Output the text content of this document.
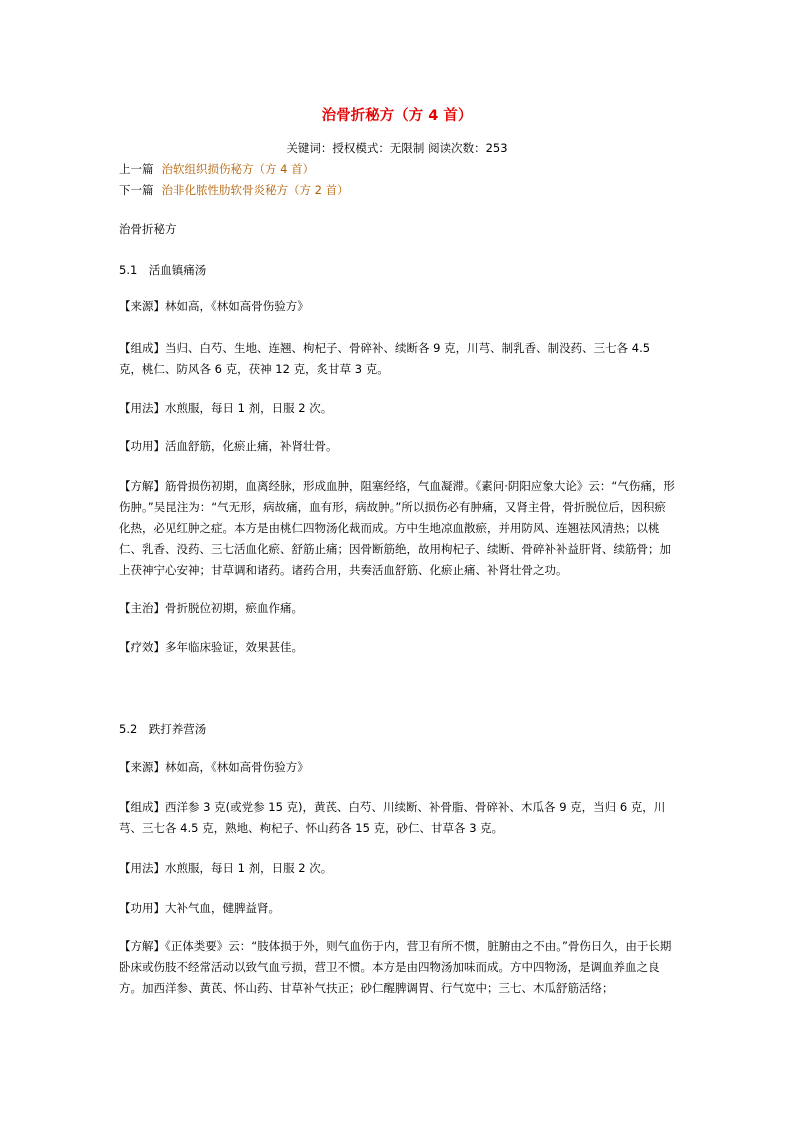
治骨折秘方（方 4 首）
关键词：授权模式：无限制 阅读次数：253
上一篇 治软组织损伤秘方（方 4 首）
下一篇 治非化脓性肋软骨炎秘方（方 2 首）

治骨折秘方

5.1　活血镇痛汤

【来源】林如高，《林如高骨伤验方》

【组成】当归、白芍、生地、连翘、枸杞子、骨碎补、续断各 9 克，川芎、制乳香、制没药、三七各 4.5 克，桃仁、防风各 6 克，茯神 12 克，炙甘草 3 克。

【用法】水煎服，每日 1 剂，日服 2 次。

【功用】活血舒筋，化瘀止痛，补肾壮骨。

【方解】筋骨损伤初期，血离经脉，形成血肿，阻塞经络，气血凝滞。《素问·阴阳应象大论》云：“气伤痛，形伤肿。”吴昆注为：“气无形，病故痛，血有形，病故肿。”所以损伤必有肿痛，又肾主骨，骨折脱位后，因积瘀化热，必见红肿之症。本方是由桃仁四物汤化裁而成。方中生地凉血散瘀，并用防风、连翘祛风清热；以桃仁、乳香、没药、三七活血化瘀、舒筋止痛；因骨断筋绝，故用枸杞子、续断、骨碎补补益肝肾、续筋骨；加上茯神宁心安神；甘草调和诸药。诸药合用，共奏活血舒筋、化瘀止痛、补肾壮骨之功。

【主治】骨折脱位初期，瘀血作痛。

【疗效】多年临床验证，效果甚佳。

5.2　跌打养营汤

【来源】林如高，《林如高骨伤验方》

【组成】西洋参 3 克(或党参 15 克)，黄芪、白芍、川续断、补骨脂、骨碎补、木瓜各 9 克，当归 6 克，川芎、三七各 4.5 克，熟地、枸杞子、怀山药各 15 克，砂仁、甘草各 3 克。

【用法】水煎服，每日 1 剂，日服 2 次。

【功用】大补气血，健脾益肾。

【方解】《正体类要》云：“肢体损于外，则气血伤于内，营卫有所不惯，脏腑由之不由。”骨伤日久，由于长期卧床或伤肢不经常活动以致气血亏损，营卫不惯。本方是由四物汤加味而成。方中四物汤，是调血养血之良方。加西洋参、黄芪、怀山药、甘草补气扶正；砂仁醒脾调胃、行气宽中；三七、木瓜舒筋活络；
